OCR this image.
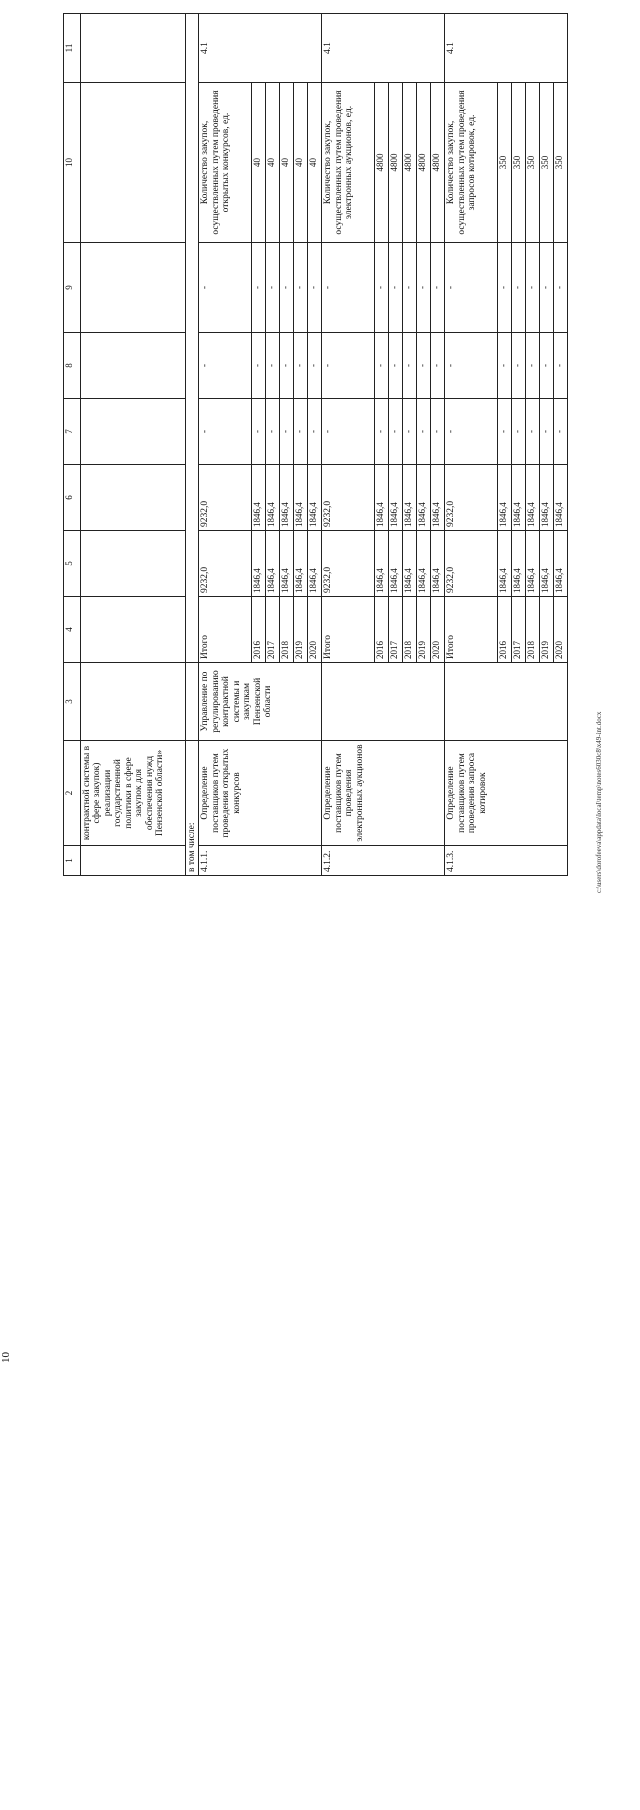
10
c:\users\dorofeeva\appdata\local\temp\notes6030c8\x49-int.docx
1	2	3	4	5	6	7	8	9	10	11
	контрактной системы в сфере закупок) реализации государственной политики в сфере закупок для обеспечения нужд Пензенской области»									
в том числе:										
4.1.1.	Определение поставщиков путем проведения открытых конкурсов	Управление по регулированию контрактной системы и закупкам Пензенской области	Итого	9232,0	9232,0	-	-	-	Количество закупок, осуществленных путем проведения открытых конкурсов, ед.	4.1
			2016	1846,4	1846,4	-	-	-	40	
			2017	1846,4	1846,4	-	-	-	40	
			2018	1846,4	1846,4	-	-	-	40	
			2019	1846,4	1846,4	-	-	-	40	
			2020	1846,4	1846,4	-	-	-	40	
4.1.2.	Определение поставщиков путем проведения электронных аукционов		Итого	9232,0	9232,0	-	-	-	Количество закупок, осуществленных путем проведения электронных аукционов, ед.	4.1
			2016	1846,4	1846,4	-	-	-	4800	
			2017	1846,4	1846,4	-	-	-	4800	
			2018	1846,4	1846,4	-	-	-	4800	
			2019	1846,4	1846,4	-	-	-	4800	
			2020	1846,4	1846,4	-	-	-	4800	
4.1.3.	Определение поставщиков путем проведения запроса котировок		Итого	9232,0	9232,0	-	-	-	Количество закупок, осуществленных путем проведения запросов котировок, ед.	4.1
			2016	1846,4	1846,4	-	-	-	350	
			2017	1846,4	1846,4	-	-	-	350	
			2018	1846,4	1846,4	-	-	-	350	
			2019	1846,4	1846,4	-	-	-	350	
			2020	1846,4	1846,4	-	-	-	350	
